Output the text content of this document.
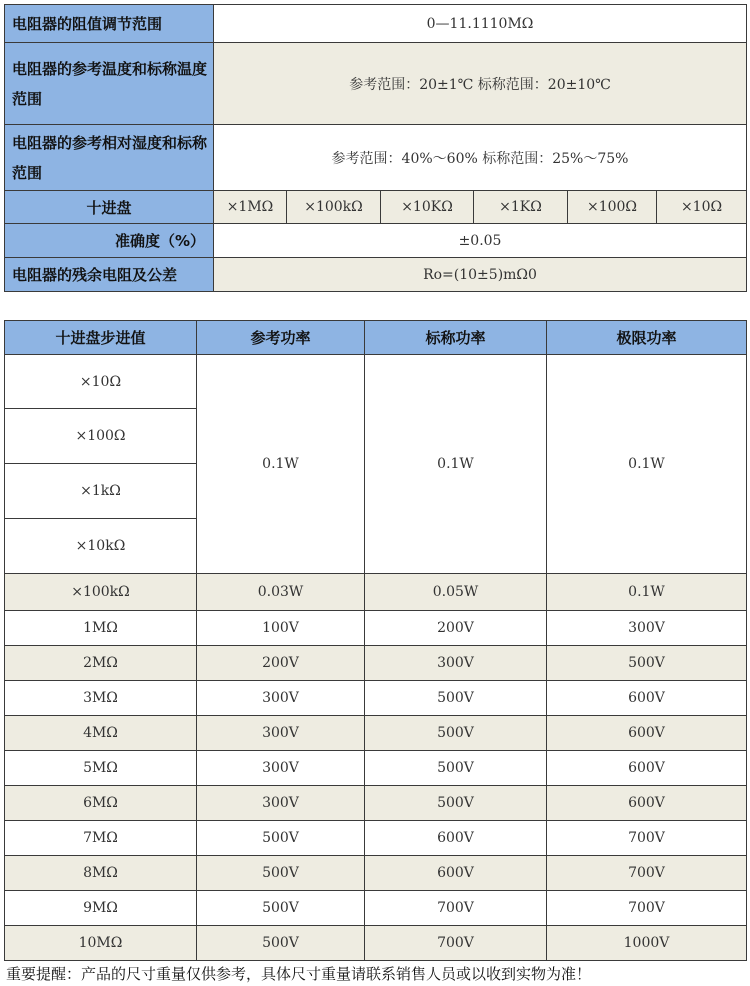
电阻器的阻值调节范围	0—11.1110MΩ					
电阻器的参考温度和标称温度范围	参考范围：20±1℃ 标称范围：20±10℃					
电阻器的参考相对湿度和标称范围	参考范围：40%～60% 标称范围：25%～75%					
十进盘	×1MΩ	×100kΩ	×10KΩ	×1KΩ	×100Ω	×10Ω
准确度（%）	±0.05					
电阻器的残余电阻及公差	Ro=(10±5)mΩ0					
十进盘步进值	参考功率	标称功率	极限功率
×10Ω	0.1W	0.1W	0.1W
×100Ω			
×1kΩ			
×10kΩ			
×100kΩ	0.03W	0.05W	0.1W
1MΩ	100V	200V	300V
2MΩ	200V	300V	500V
3MΩ	300V	500V	600V
4MΩ	300V	500V	600V
5MΩ	300V	500V	600V
6MΩ	300V	500V	600V
7MΩ	500V	600V	700V
8MΩ	500V	600V	700V
9MΩ	500V	700V	700V
10MΩ	500V	700V	1000V
重要提醒：产品的尺寸重量仅供参考，具体尺寸重量请联系销售人员或以收到实物为准！
